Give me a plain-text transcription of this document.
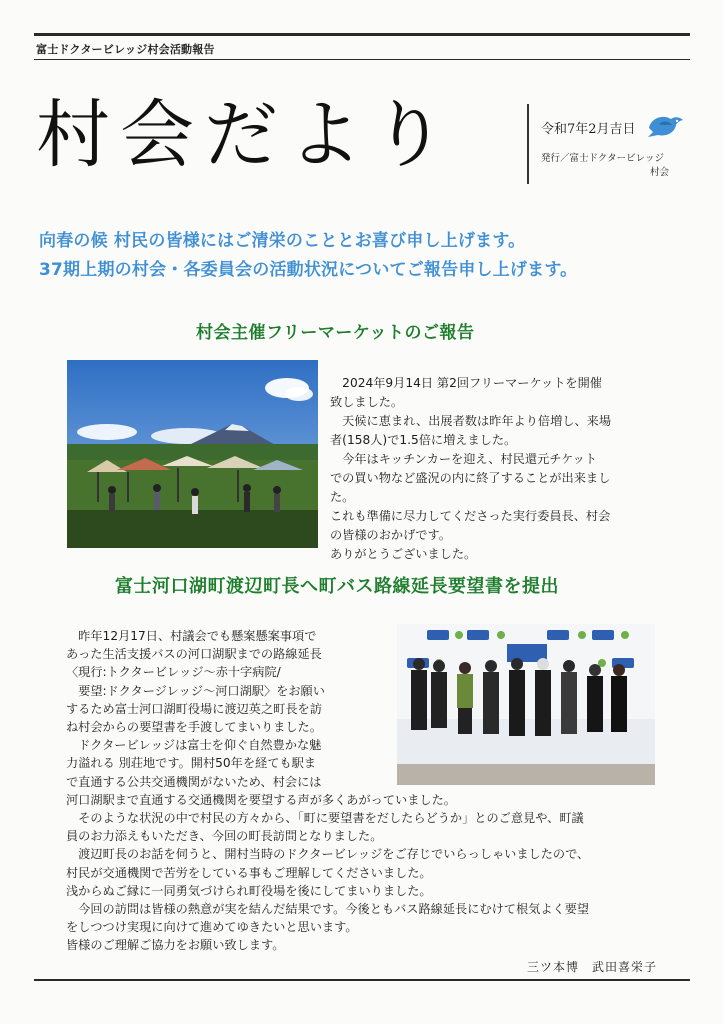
富士ドクタービレッジ村会活動報告
村会だより	令和7年2月吉日
発行／富士ドクタービレッジ
村会
向春の候 村民の皆様にはご清栄のこととお喜び申し上げます。
37期上期の村会・各委員会の活動状況についてご報告申し上げます。
村会主催フリーマーケットのご報告

　2024年9月14日 第2回フリーマーケットを開催

致しました。

　天候に恵まれ、出展者数は昨年より倍増し、来場

者(158人)で1.5倍に増えました。

　今年はキッチンカーを迎え、村民還元チケット

での買い物など盛況の内に終了することが出来まし

た。

これも準備に尽力してくださった実行委員長、村会

の皆様のおかげです。

ありがとうございました。

富士河口湖町渡辺町長へ町バス路線延長要望書を提出

　昨年12月17日、村議会でも懸案懸案事項で

あった生活支援バスの河口湖駅までの路線延長

〈現行:トクタービレッジ～赤十字病院/

　要望:ドクタージレッジ～河口湖駅〉をお願い

するため富士河口湖町役場に渡辺英之町長を訪

ね村会からの要望書を手渡してまいりました。

　ドクタービレッジは富士を仰ぐ自然豊かな魅

力溢れる 別荘地です。開村50年を経ても駅ま

で直通する公共交通機関がないため、村会には

河口湖駅まで直通する交通機関を要望する声が多くあがっていました。

　そのような状況の中で村民の方々から、「町に要望書をだしたらどうか」とのご意見や、町議

員のお力添えもいただき、今回の町長訪問となりました。

　渡辺町長のお話を伺うと、開村当時のドクタービレッジをご存じでいらっしゃいましたので、

村民が交通機関で苦労をしている事もご理解してくださいました。

浅からぬご縁に一同勇気づけられ町役場を後にしてまいりました。

　今回の訪問は皆様の熱意が実を結んだ結果です。今後ともバス路線延長にむけて根気よく要望

をしつつけ実現に向けて進めてゆきたいと思います。

皆様のご理解ご協力をお願い致します。

三ツ本博　武田喜栄子
